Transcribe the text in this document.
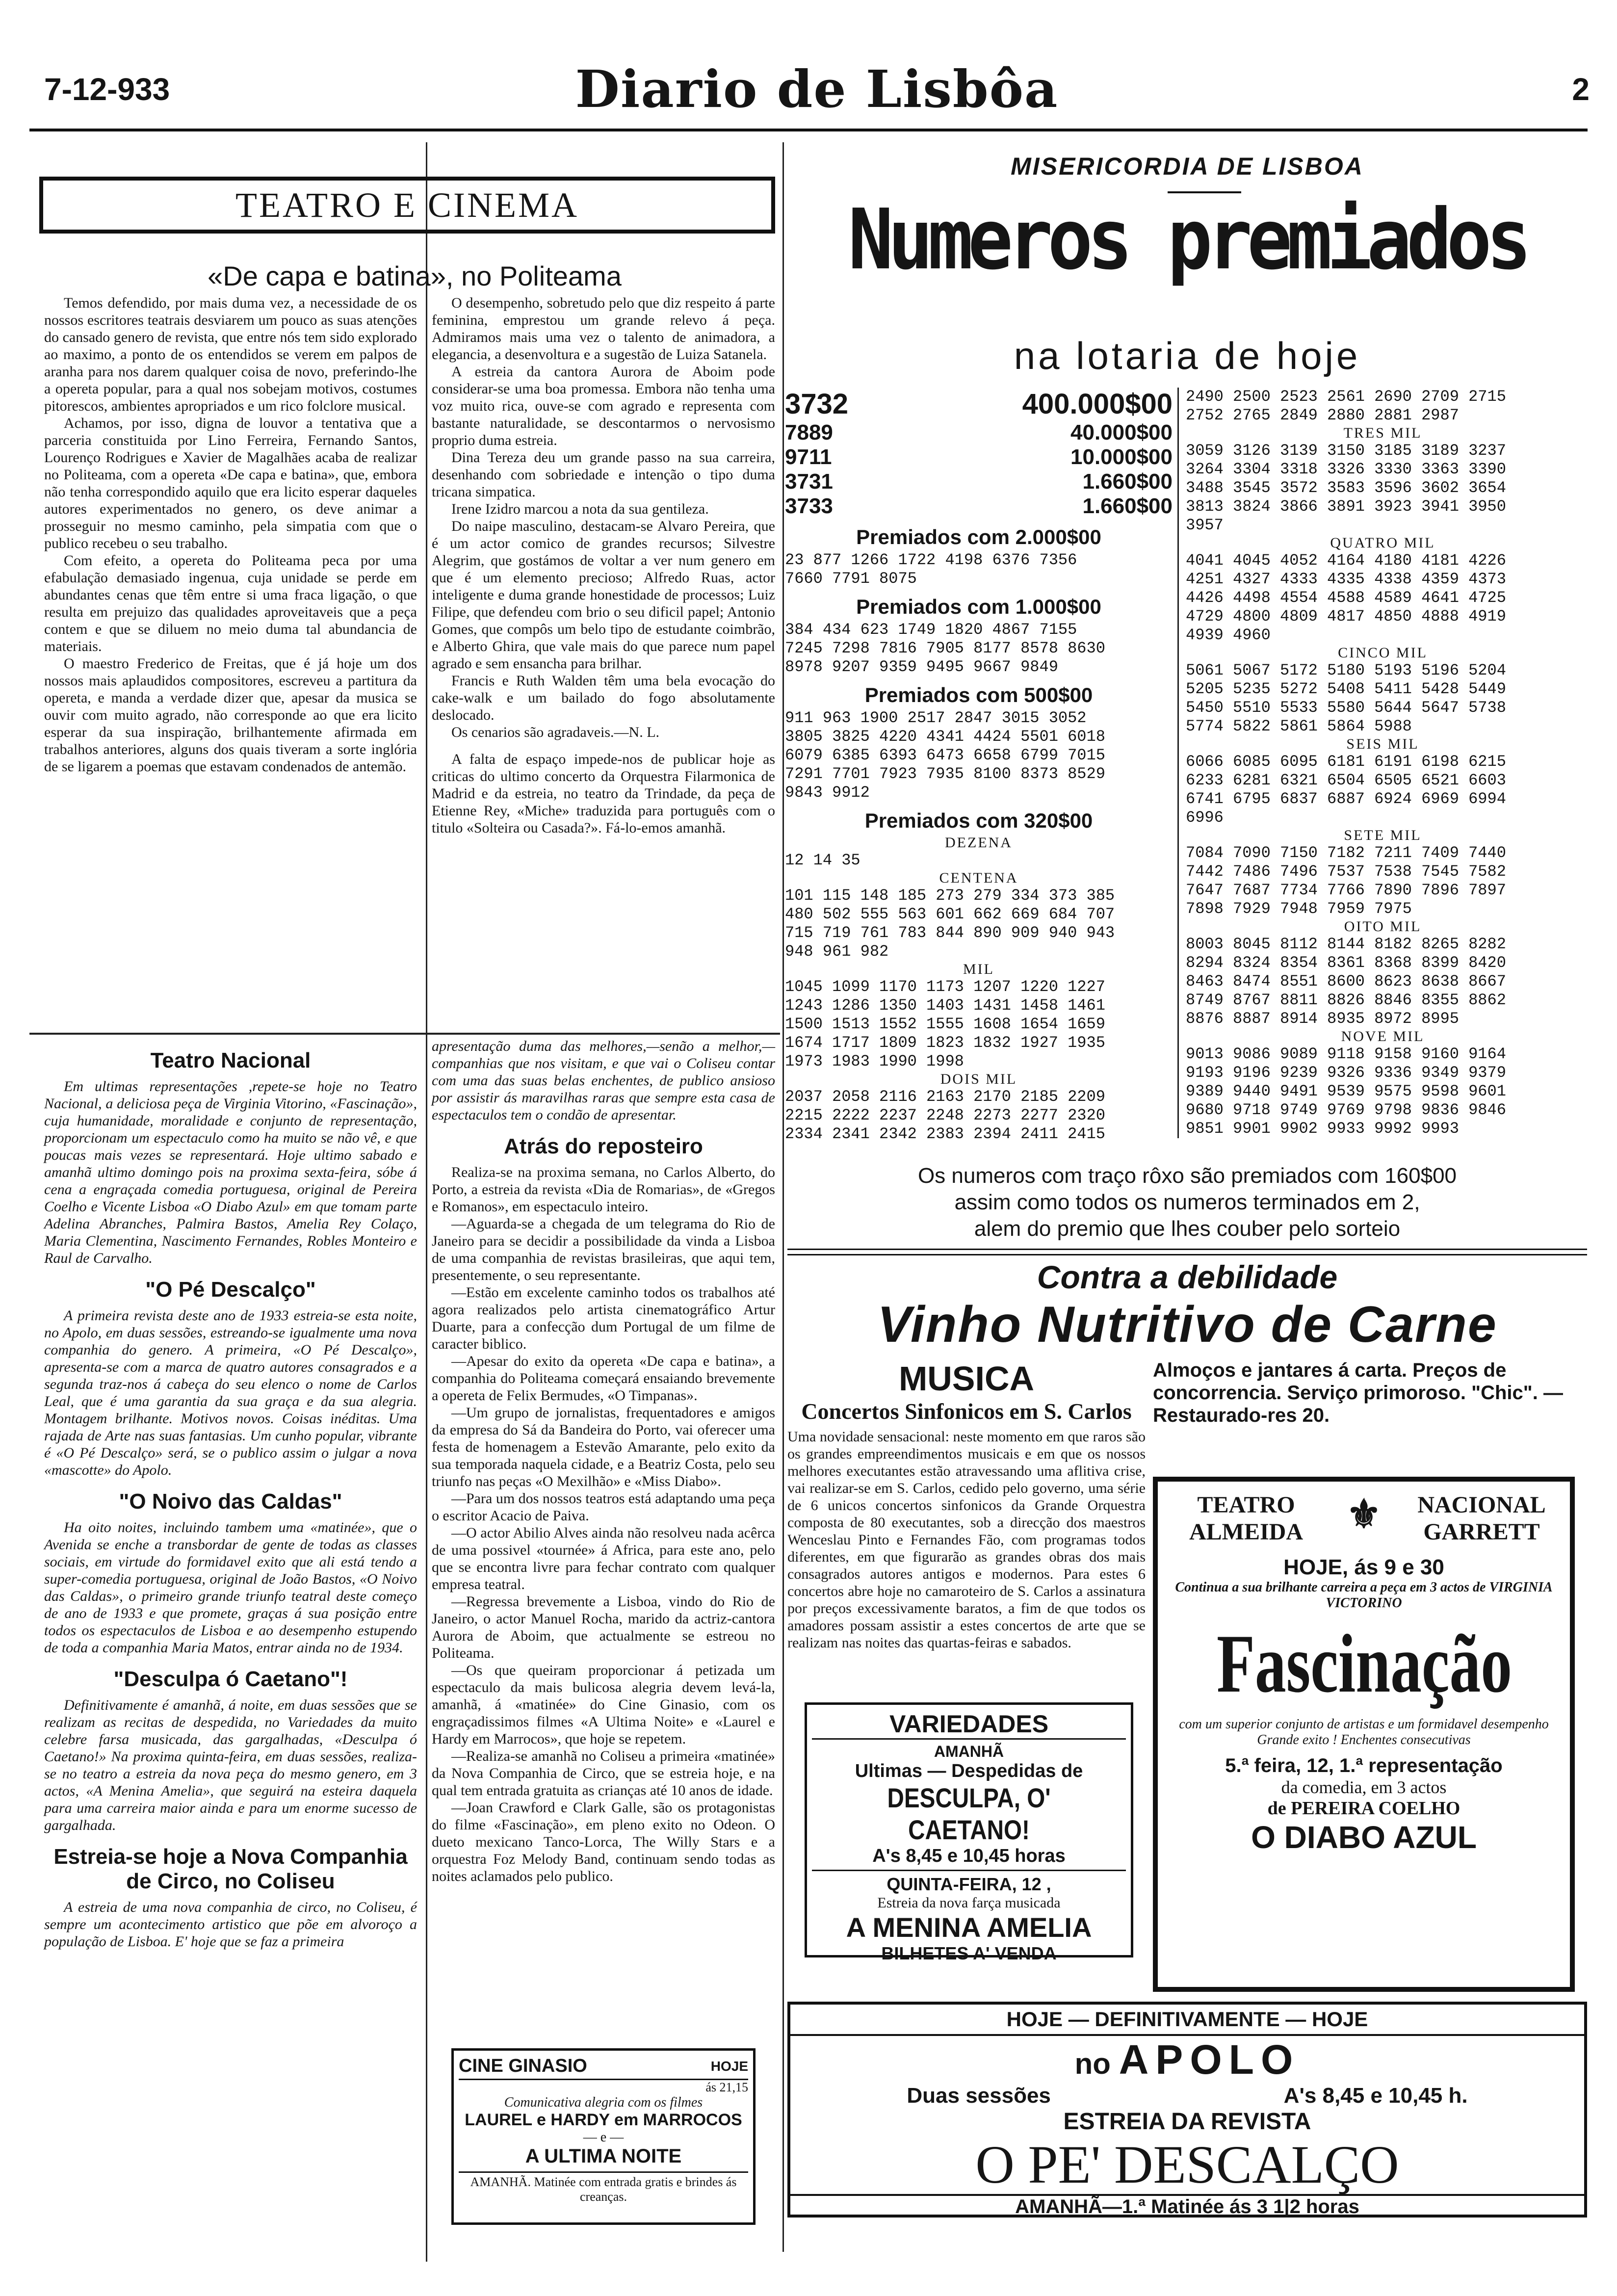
7-12-933	Diario de Lisbôa	2
TEATRO E CINEMA
«De capa e batina», no Politeama

Temos defendido, por mais duma vez, a necessidade de os nossos escritores teatrais desviarem um pouco as suas atenções do cansado genero de revista, que entre nós tem sido explorado ao maximo, a ponto de os entendidos se verem em palpos de aranha para nos darem qualquer coisa de novo, preferindo-lhe a opereta popular, para a qual nos sobejam motivos, costumes pitorescos, ambientes apropriados e um rico folclore musical.

Achamos, por isso, digna de louvor a tentativa que a parceria constituida por Lino Ferreira, Fernando Santos, Lourenço Rodrigues e Xavier de Magalhães acaba de realizar no Politeama, com a opereta «De capa e batina», que, embora não tenha correspondido aquilo que era licito esperar daqueles autores experimentados no genero, os deve animar a prosseguir no mesmo caminho, pela simpatia com que o publico recebeu o seu trabalho.

Com efeito, a opereta do Politeama peca por uma efabulação demasiado ingenua, cuja unidade se perde em abundantes cenas que têm entre si uma fraca ligação, o que resulta em prejuizo das qualidades aproveitaveis que a peça contem e que se diluem no meio duma tal abundancia de materiais.

O maestro Frederico de Freitas, que é já hoje um dos nossos mais aplaudidos compositores, escreveu a partitura da opereta, e manda a verdade dizer que, apesar da musica se ouvir com muito agrado, não corresponde ao que era licito esperar da sua inspiração, brilhantemente afirmada em trabalhos anteriores, alguns dos quais tiveram a sorte inglória de se ligarem a poemas que estavam condenados de antemão.

O desempenho, sobretudo pelo que diz respeito á parte feminina, emprestou um grande relevo á peça. Admiramos mais uma vez o talento de animadora, a elegancia, a desenvoltura e a sugestão de Luiza Satanela.

A estreia da cantora Aurora de Aboim pode considerar-se uma boa promessa. Embora não tenha uma voz muito rica, ouve-se com agrado e representa com bastante naturalidade, se descontarmos o nervosismo proprio duma estreia.

Dina Tereza deu um grande passo na sua carreira, desenhando com sobriedade e intenção o tipo duma tricana simpatica.

Irene Izidro marcou a nota da sua gentileza.

Do naipe masculino, destacam-se Alvaro Pereira, que é um actor comico de grandes recursos; Silvestre Alegrim, que gostámos de voltar a ver num genero em que é um elemento precioso; Alfredo Ruas, actor inteligente e duma grande honestidade de processos; Luiz Filipe, que defendeu com brio o seu dificil papel; Antonio Gomes, que compôs um belo tipo de estudante coimbrão, e Alberto Ghira, que vale mais do que parece num papel agrado e sem ensancha para brilhar.

Francis e Ruth Walden têm uma bela evocação do cake-walk e um bailado do fogo absolutamente deslocado.

Os cenarios são agradaveis.—N. L.

A falta de espaço impede-nos de publicar hoje as criticas do ultimo concerto da Orquestra Filarmonica de Madrid e da estreia, no teatro da Trindade, da peça de Etienne Rey, «Miche» traduzida para português com o titulo «Solteira ou Casada?». Fá-lo-emos amanhã.

Teatro Nacional

Em ultimas representações ,repete-se hoje no Teatro Nacional, a deliciosa peça de Virginia Vitorino, «Fascinação», cuja humanidade, moralidade e conjunto de representação, proporcionam um espectaculo como ha muito se não vê, e que poucas mais vezes se representará. Hoje ultimo sabado e amanhã ultimo domingo pois na proxima sexta-feira, sóbe á cena a engraçada comedia portuguesa, original de Pereira Coelho e Vicente Lisboa «O Diabo Azul» em que tomam parte Adelina Abranches, Palmira Bastos, Amelia Rey Colaço, Maria Clementina, Nascimento Fernandes, Robles Monteiro e Raul de Carvalho.

"O Pé Descalço"

A primeira revista deste ano de 1933 estreia-se esta noite, no Apolo, em duas sessões, estreando-se igualmente uma nova companhia do genero. A primeira, «O Pé Descalço», apresenta-se com a marca de quatro autores consagrados e a segunda traz-nos á cabeça do seu elenco o nome de Carlos Leal, que é uma garantia da sua graça e da sua alegria. Montagem brilhante. Motivos novos. Coisas inéditas. Uma rajada de Arte nas suas fantasias. Um cunho popular, vibrante é «O Pé Descalço» será, se o publico assim o julgar a nova «mascotte» do Apolo.

"O Noivo das Caldas"

Ha oito noites, incluindo tambem uma «matinée», que o Avenida se enche a transbordar de gente de todas as classes sociais, em virtude do formidavel exito que ali está tendo a super-comedia portuguesa, original de João Bastos, «O Noivo das Caldas», o primeiro grande triunfo teatral deste começo de ano de 1933 e que promete, graças á sua posição entre todos os espectaculos de Lisboa e ao desempenho estupendo de toda a companhia Maria Matos, entrar ainda no de 1934.

"Desculpa ó Caetano"!

Definitivamente é amanhã, á noite, em duas sessões que se realizam as recitas de despedida, no Variedades da muito celebre farsa musicada, das gargalhadas, «Desculpa ó Caetano!» Na proxima quinta-feira, em duas sessões, realiza-se no teatro a estreia da nova peça do mesmo genero, em 3 actos, «A Menina Amelia», que seguirá na esteira daquela para uma carreira maior ainda e para um enorme sucesso de gargalhada.

Estreia-se hoje a Nova Companhia de Circo, no Coliseu

A estreia de uma nova companhia de circo, no Coliseu, é sempre um acontecimento artistico que põe em alvoroço a população de Lisboa. E' hoje que se faz a primeira

apresentação duma das melhores,—senão a melhor,—companhias que nos visitam, e que vai o Coliseu contar com uma das suas belas enchentes, de publico ansioso por assistir ás maravilhas raras que sempre esta casa de espectaculos tem o condão de apresentar.

Atrás do reposteiro

Realiza-se na proxima semana, no Carlos Alberto, do Porto, a estreia da revista «Dia de Romarias», de «Gregos e Romanos», em espectaculo inteiro.

—Aguarda-se a chegada de um telegrama do Rio de Janeiro para se decidir a possibilidade da vinda a Lisboa de uma companhia de revistas brasileiras, que aqui tem, presentemente, o seu representante.

—Estão em excelente caminho todos os trabalhos até agora realizados pelo artista cinematográfico Artur Duarte, para a confecção dum Portugal de um filme de caracter biblico.

—Apesar do exito da opereta «De capa e batina», a companhia do Politeama começará ensaiando brevemente a opereta de Felix Bermudes, «O Timpanas».

—Um grupo de jornalistas, frequentadores e amigos da empresa do Sá da Bandeira do Porto, vai oferecer uma festa de homenagem a Estevão Amarante, pelo exito da sua temporada naquela cidade, e a Beatriz Costa, pelo seu triunfo nas peças «O Mexilhão» e «Miss Diabo».

—Para um dos nossos teatros está adaptando uma peça o escritor Acacio de Paiva.

—O actor Abilio Alves ainda não resolveu nada acêrca de uma possivel «tournée» á Africa, para este ano, pelo que se encontra livre para fechar contrato com qualquer empresa teatral.

—Regressa brevemente a Lisboa, vindo do Rio de Janeiro, o actor Manuel Rocha, marido da actriz-cantora Aurora de Aboim, que actualmente se estreou no Politeama.

—Os que queiram proporcionar á petizada um espectaculo da mais bulicosa alegria devem levá-la, amanhã, á «matinée» do Cine Ginasio, com os engraçadissimos filmes «A Ultima Noite» e «Laurel e Hardy em Marrocos», que hoje se repetem.

—Realiza-se amanhã no Coliseu a primeira «matinée» da Nova Companhia de Circo, que se estreia hoje, e na qual tem entrada gratuita as crianças até 10 anos de idade.

—Joan Crawford e Clark Galle, são os protagonistas do filme «Fascinação», em pleno exito no Odeon. O dueto mexicano Tanco-Lorca, The Willy Stars e a orquestra Foz Melody Band, continuam sendo todas as noites aclamados pelo publico.

CINE GINASIO	HOJE
ás 21,15
Comunicativa alegria com os filmes
LAUREL e HARDY em MARROCOS
— e —
A ULTIMA NOITE
AMANHÃ. Matinée com entrada gratis e brindes ás creanças.
MISERICORDIA DE LISBOA
Numeros premiados
na lotaria de hoje
3732	400.000$00
7889	40.000$00
9711	10.000$00
3731	1.660$00
3733	1.660$00
Premiados com 2.000$00
23 877 1266 1722 4198 6376 7356
7660 7791 8075
Premiados com 1.000$00
384 434 623 1749 1820 4867 7155
7245 7298 7816 7905 8177 8578 8630
8978 9207 9359 9495 9667 9849
Premiados com 500$00
911 963 1900 2517 2847 3015 3052
3805 3825 4220 4341 4424 5501 6018
6079 6385 6393 6473 6658 6799 7015
7291 7701 7923 7935 8100 8373 8529
9843 9912
Premiados com 320$00
DEZENA
12 14 35
CENTENA
101 115 148 185 273 279 334 373 385
480 502 555 563 601 662 669 684 707
715 719 761 783 844 890 909 940 943
948 961 982
MIL
1045 1099 1170 1173 1207 1220 1227
1243 1286 1350 1403 1431 1458 1461
1500 1513 1552 1555 1608 1654 1659
1674 1717 1809 1823 1832 1927 1935
1973 1983 1990 1998
DOIS MIL
2037 2058 2116 2163 2170 2185 2209
2215 2222 2237 2248 2273 2277 2320
2334 2341 2342 2383 2394 2411 2415
2490 2500 2523 2561 2690 2709 2715
2752 2765 2849 2880 2881 2987
TRES MIL
3059 3126 3139 3150 3185 3189 3237
3264 3304 3318 3326 3330 3363 3390
3488 3545 3572 3583 3596 3602 3654
3813 3824 3866 3891 3923 3941 3950
3957
QUATRO MIL
4041 4045 4052 4164 4180 4181 4226
4251 4327 4333 4335 4338 4359 4373
4426 4498 4554 4588 4589 4641 4725
4729 4800 4809 4817 4850 4888 4919
4939 4960
CINCO MIL
5061 5067 5172 5180 5193 5196 5204
5205 5235 5272 5408 5411 5428 5449
5450 5510 5533 5580 5644 5647 5738
5774 5822 5861 5864 5988
SEIS MIL
6066 6085 6095 6181 6191 6198 6215
6233 6281 6321 6504 6505 6521 6603
6741 6795 6837 6887 6924 6969 6994
6996
SETE MIL
7084 7090 7150 7182 7211 7409 7440
7442 7486 7496 7537 7538 7545 7582
7647 7687 7734 7766 7890 7896 7897
7898 7929 7948 7959 7975
OITO MIL
8003 8045 8112 8144 8182 8265 8282
8294 8324 8354 8361 8368 8399 8420
8463 8474 8551 8600 8623 8638 8667
8749 8767 8811 8826 8846 8355 8862
8876 8887 8914 8935 8972 8995
NOVE MIL
9013 9086 9089 9118 9158 9160 9164
9193 9196 9239 9326 9336 9349 9379
9389 9440 9491 9539 9575 9598 9601
9680 9718 9749 9769 9798 9836 9846
9851 9901 9902 9933 9992 9993
Os numeros com traço rôxo são premiados com 160$00
assim como todos os numeros terminados em 2,
alem do premio que lhes couber pelo sorteio
Contra a debilidade
Vinho Nutritivo de Carne
MUSICA
Concertos Sinfonicos em S. Carlos
Uma novidade sensacional: neste momento em que raros são os grandes empreendimentos musicais e em que os nossos melhores executantes estão atravessando uma aflitiva crise, vai realizar-se em S. Carlos, cedido pelo governo, uma série de 6 unicos concertos sinfonicos da Grande Orquestra composta de 80 executantes, sob a direcção dos maestros Wenceslau Pinto e Fernandes Fão, com programas todos diferentes, em que figurarão as grandes obras dos mais consagrados autores antigos e modernos. Para estes 6 concertos abre hoje no camaroteiro de S. Carlos a assinatura por preços excessivamente baratos, a fim de que todos os amadores possam assistir a estes concertos de arte que se realizam nas noites das quartas-feiras e sabados.
Almoços e jantares á carta. Preços de concorrencia. Serviço primoroso. "Chic". — Restaurado-res 20.
TEATRO ALMEIDA	⚜	NACIONAL GARRETT
HOJE, ás 9 e 30
Continua a sua brilhante carreira a peça em 3 actos de VIRGINIA VICTORINO
Fascinação
com um superior conjunto de artistas e um formidavel desempenho Grande exito ! Enchentes consecutivas
5.ª feira, 12, 1.ª representação
da comedia, em 3 actos
de PEREIRA COELHO
O DIABO AZUL
VARIEDADES
AMANHÃ
Ultimas — Despedidas de
DESCULPA, O' CAETANO!
A's 8,45 e 10,45 horas
QUINTA-FEIRA, 12 ,
Estreia da nova farça musicada
A MENINA AMELIA
BILHETES A' VENDA
HOJE — DEFINITIVAMENTE — HOJE
no APOLO
Duas sessões	A's 8,45 e 10,45 h.
ESTREIA DA REVISTA
O PE' DESCALÇO
AMANHÃ—1.ª Matinée ás 3 1|2 horas
